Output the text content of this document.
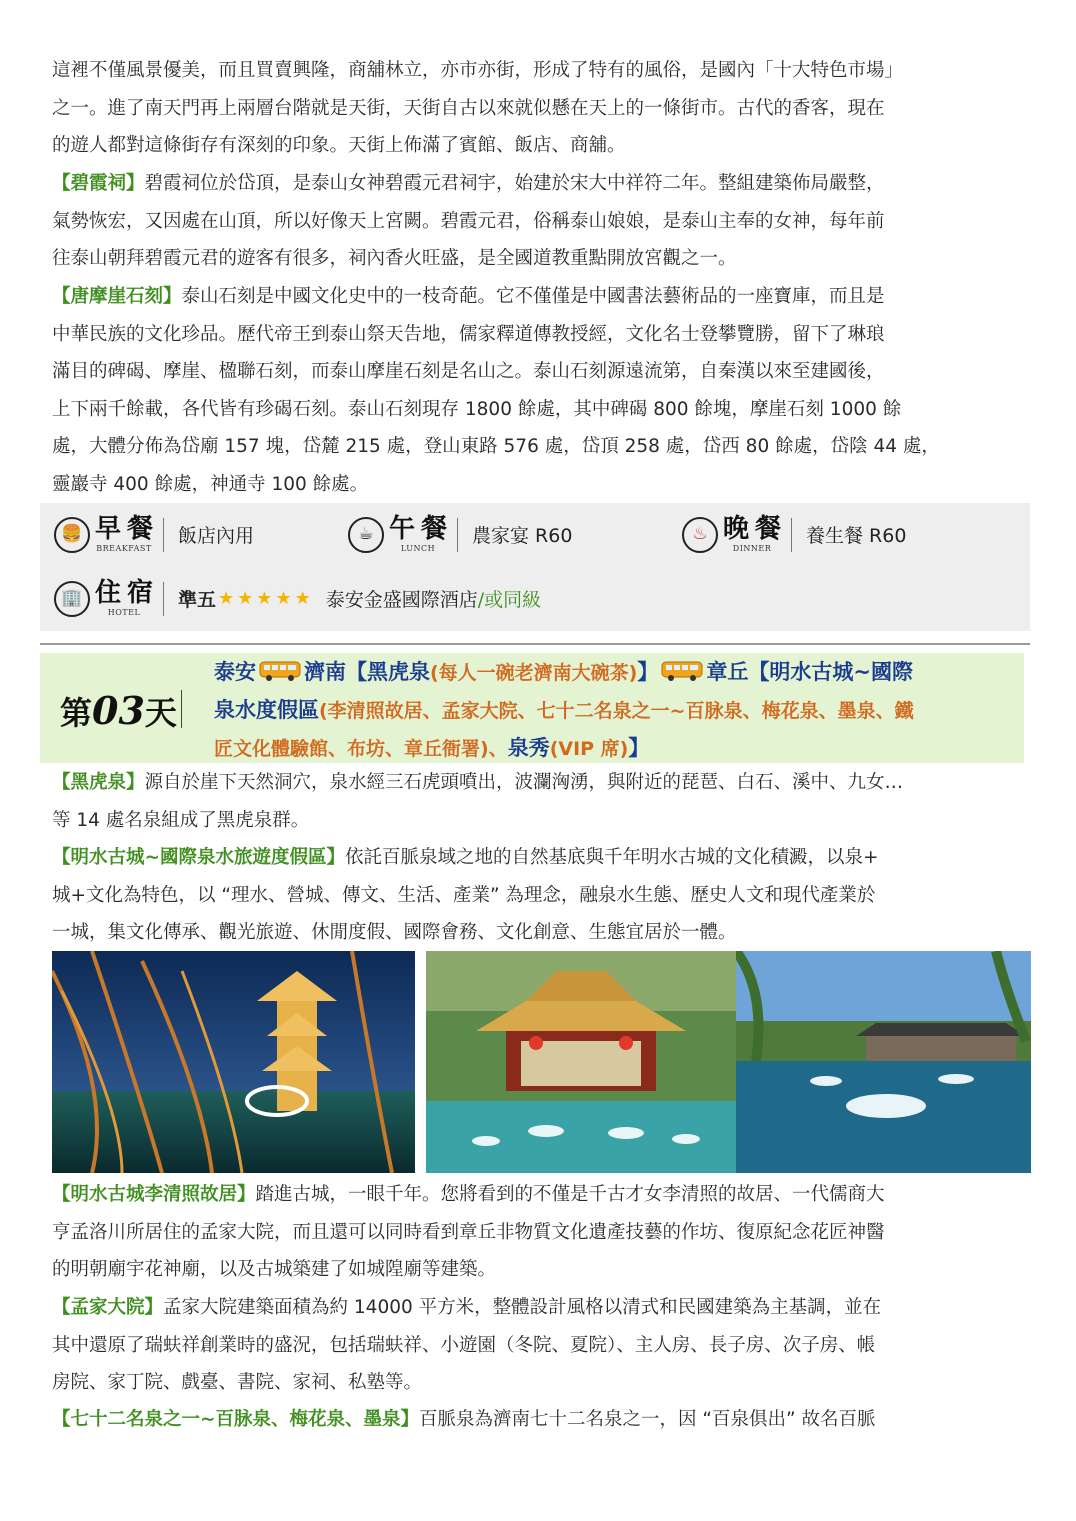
這裡不僅風景優美，而且買賣興隆，商舖林立，亦市亦街，形成了特有的風俗，是國內「十大特色市場」
之一。進了南天門再上兩層台階就是天街，天街自古以來就似懸在天上的一條街市。古代的香客，現在
的遊人都對這條街存有深刻的印象。天街上佈滿了賓館、飯店、商舖。
【碧霞祠】碧霞祠位於岱頂，是泰山女神碧霞元君祠宇，始建於宋大中祥符二年。整組建築佈局嚴整，
氣勢恢宏，又因處在山頂，所以好像天上宮闕。碧霞元君，俗稱泰山娘娘，是泰山主奉的女神，每年前
往泰山朝拜碧霞元君的遊客有很多，祠內香火旺盛，是全國道教重點開放宮觀之一。
【唐摩崖石刻】泰山石刻是中國文化史中的一枝奇葩。它不僅僅是中國書法藝術品的一座寶庫，而且是
中華民族的文化珍品。歷代帝王到泰山祭天告地，儒家釋道傳教授經，文化名士登攀覽勝，留下了琳琅
滿目的碑碣、摩崖、楹聯石刻，而泰山摩崖石刻是名山之。泰山石刻源遠流第，自秦漢以來至建國後，
上下兩千餘載，各代皆有珍碣石刻。泰山石刻現存 1800 餘處，其中碑碣 800 餘塊，摩崖石刻 1000 餘
處，大體分佈為岱廟 157 塊，岱麓 215 處，登山東路 576 處，岱頂 258 處，岱西 80 餘處，岱陰 44 處，
靈巖寺 400 餘處，神通寺 100 餘處。
🍔 早餐
BREAKFAST
飯店內用	☕ 午餐
LUNCH
農家宴 R60	♨ 晚餐
DINNER
養生餐 R60
🏢 住宿
HOTEL
準五 ★★★★★ 泰安金盛國際酒店 /或同級
第03天
泰安 濟南【黑虎泉(每人一碗老濟南大碗茶)】 章丘【明水古城~國際
泉水度假區(李清照故居、孟家大院、七十二名泉之一~百脉泉、梅花泉、墨泉、鐵
匠文化體驗館、布坊、章丘衙署)、泉秀(VIP 席)】
【黑虎泉】源自於崖下天然洞穴，泉水經三石虎頭噴出，波瀾洶湧，與附近的琵琶、白石、溪中、九女…
等 14 處名泉組成了黑虎泉群。
【明水古城~國際泉水旅遊度假區】依託百脈泉域之地的自然基底與千年明水古城的文化積澱，以泉+
城+文化為特色，以 “理水、營城、傳文、生活、產業” 為理念，融泉水生態、歷史人文和現代產業於
一城，集文化傳承、觀光旅遊、休閒度假、國際會務、文化創意、生態宜居於一體。
【明水古城李清照故居】踏進古城，一眼千年。您將看到的不僅是千古才女李清照的故居、一代儒商大
亨孟洛川所居住的孟家大院，而且還可以同時看到章丘非物質文化遺產技藝的作坊、復原紀念花匠神醫
的明朝廟宇花神廟，以及古城築建了如城隍廟等建築。
【孟家大院】孟家大院建築面積為約 14000 平方米，整體設計風格以清式和民國建築為主基調，並在
其中還原了瑞蚨祥創業時的盛況，包括瑞蚨祥、小遊園（冬院、夏院）、主人房、長子房、次子房、帳
房院、家丁院、戲臺、書院、家祠、私塾等。
【七十二名泉之一~百脉泉、梅花泉、墨泉】百脈泉為濟南七十二名泉之一，因 “百泉俱出” 故名百脈
